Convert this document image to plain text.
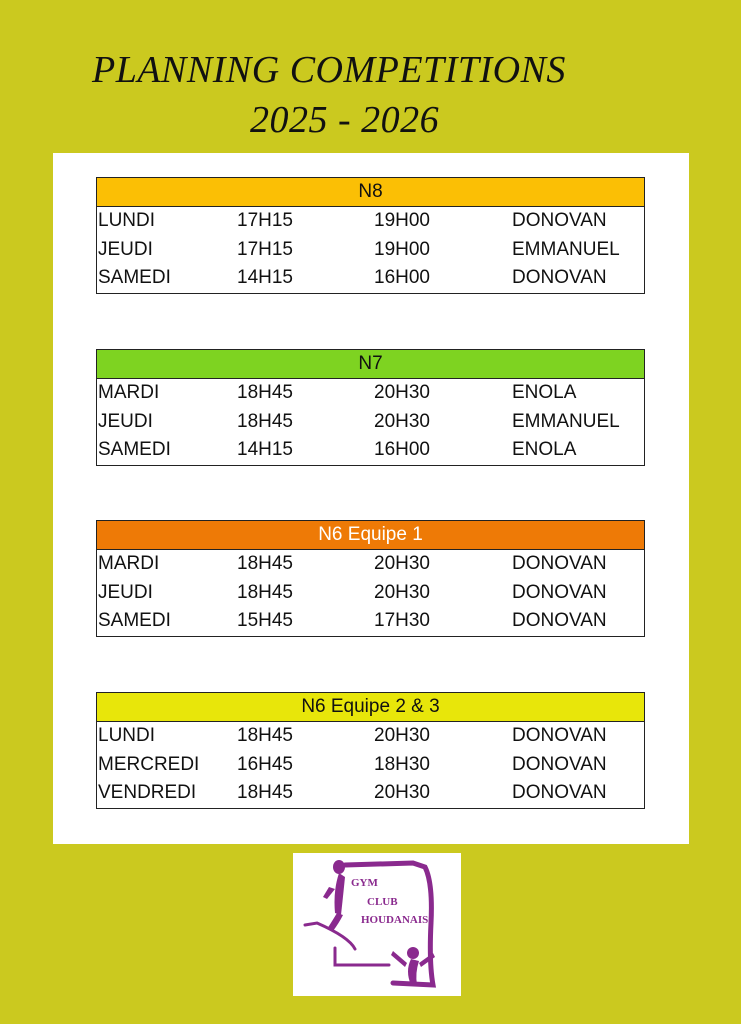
PLANNING COMPETITIONS
2025 - 2026
N8
LUNDI	17H15	19H00	DONOVAN
JEUDI	17H15	19H00	EMMANUEL
SAMEDI	14H15	16H00	DONOVAN
N7
MARDI	18H45	20H30	ENOLA
JEUDI	18H45	20H30	EMMANUEL
SAMEDI	14H15	16H00	ENOLA
N6 Equipe 1
MARDI	18H45	20H30	DONOVAN
JEUDI	18H45	20H30	DONOVAN
SAMEDI	15H45	17H30	DONOVAN
N6 Equipe 2 & 3
LUNDI	18H45	20H30	DONOVAN
MERCREDI	16H45	18H30	DONOVAN
VENDREDI	18H45	20H30	DONOVAN
GYM
CLUB
HOUDANAIS
